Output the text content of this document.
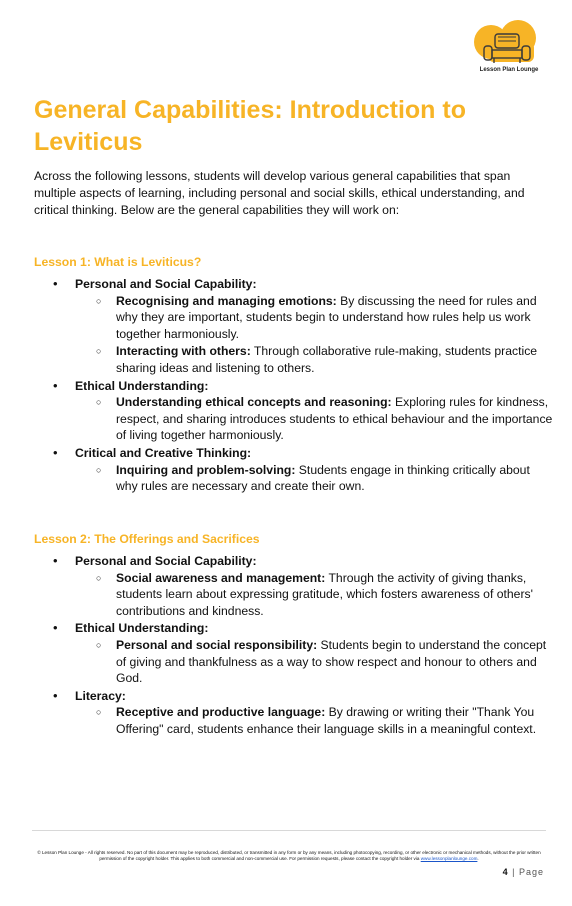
Lesson Plan Lounge
General Capabilities: Introduction to Leviticus

Across the following lessons, students will develop various general capabilities that span multiple aspects of learning, including personal and social skills, ethical understanding, and critical thinking. Below are the general capabilities they will work on:

Lesson 1: What is Leviticus?
• Personal and Social Capability:
○ Recognising and managing emotions: By discussing the need for rules and why they are important, students begin to understand how rules help us work together harmoniously.
○ Interacting with others: Through collaborative rule-making, students practice sharing ideas and listening to others.
• Ethical Understanding:
○ Understanding ethical concepts and reasoning: Exploring rules for kindness, respect, and sharing introduces students to ethical behaviour and the importance of living together harmoniously.
• Critical and Creative Thinking:
○ Inquiring and problem-solving: Students engage in thinking critically about why rules are necessary and create their own.
Lesson 2: The Offerings and Sacrifices
• Personal and Social Capability:
○ Social awareness and management: Through the activity of giving thanks, students learn about expressing gratitude, which fosters awareness of others' contributions and kindness.
• Ethical Understanding:
○ Personal and social responsibility: Students begin to understand the concept of giving and thankfulness as a way to show respect and honour to others and God.
• Literacy:
○ Receptive and productive language: By drawing or writing their "Thank You Offering" card, students enhance their language skills in a meaningful context.
© Lesson Plan Lounge - All rights reserved. No part of this document may be reproduced, distributed, or transmitted in any form or by any means, including photocopying, recording, or other electronic or mechanical methods, without the prior written permission of the copyright holder. This applies to both commercial and non-commercial use. For permission requests, please contact the copyright holder via www.lessonplanlounge.com.
4 | Page
